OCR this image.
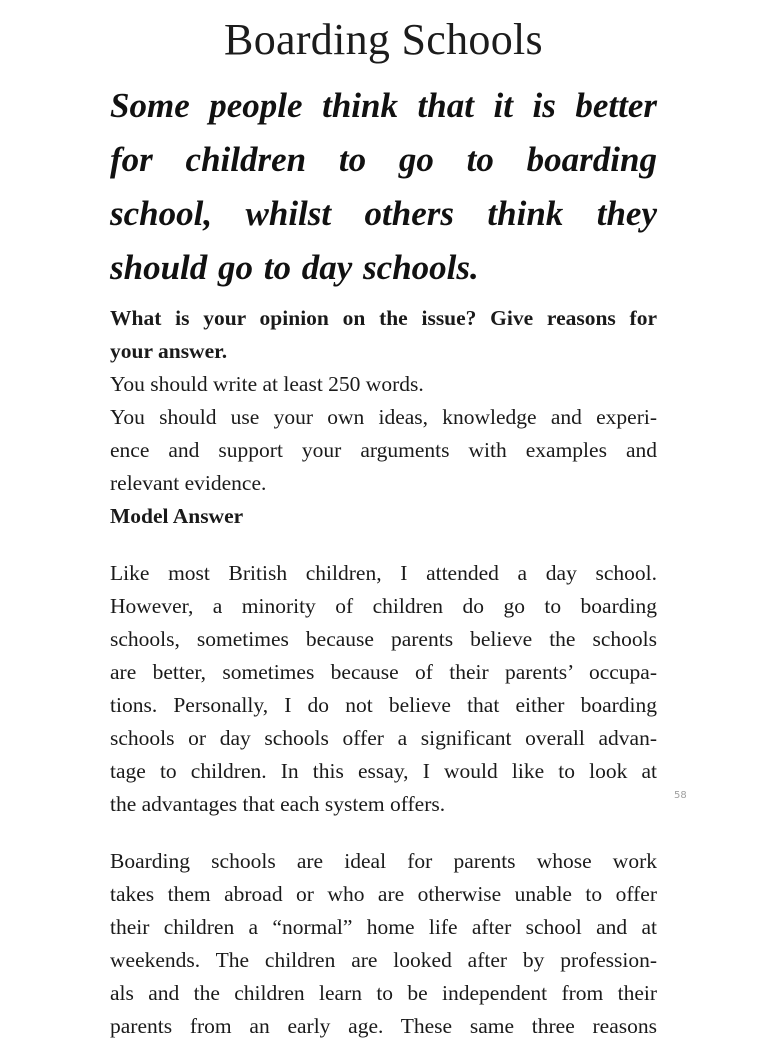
Boarding Schools

Some people think that it is better
for children to go to boarding
school, whilst others think they
should go to day schools.

What is your opinion on the issue? Give reasons for
your answer.
You should write at least 250 words.
You should use your own ideas, knowledge and experi-
ence and support your arguments with examples and
relevant evidence.
Model Answer

Like most British children, I attended a day school.
However, a minority of children do go to boarding
schools, sometimes because parents believe the schools
are better, sometimes because of their parents’ occupa-
tions. Personally, I do not believe that either boarding
schools or day schools offer a significant overall advan-
tage to children. In this essay, I would like to look at
the advantages that each system offers.

Boarding schools are ideal for parents whose work
takes them abroad or who are otherwise unable to offer
their children a “normal” home life after school and at
weekends. The children are looked after by profession-
als and the children learn to be independent from their
parents from an early age. These same three reasons

58
